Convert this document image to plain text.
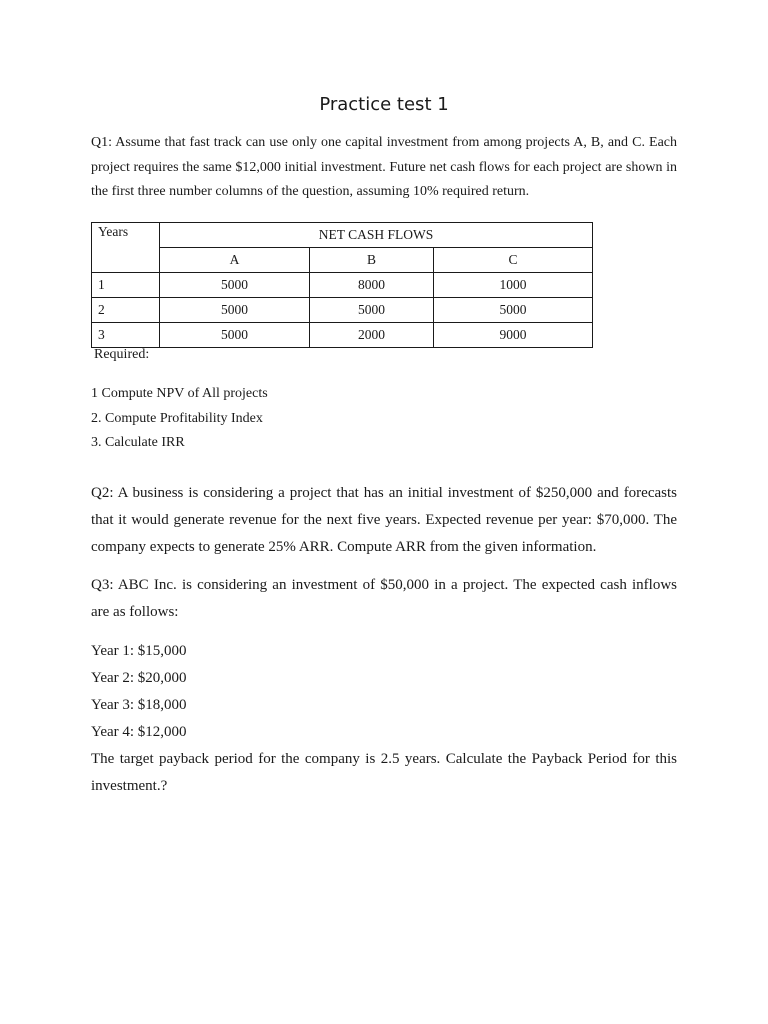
Practice test 1

Q1: Assume that fast track can use only one capital investment from among projects A, B, and C. Each project requires the same $12,000 initial investment. Future net cash flows for each project are shown in the first three number columns of the question, assuming 10% required return.

Years	NET CASH FLOWS		
	A	B	C
1	5000	8000	1000
2	5000	5000	5000
3	5000	2000	9000
Required:
1 Compute NPV of All projects
2. Compute Profitability Index
3. Calculate IRR

Q2: A business is considering a project that has an initial investment of $250,000 and forecasts that it would generate revenue for the next five years. Expected revenue per year: $70,000. The company expects to generate 25% ARR. Compute ARR from the given information.

Q3: ABC Inc. is considering an investment of $50,000 in a project. The expected cash inflows are as follows:

Year 1: $15,000
Year 2: $20,000
Year 3: $18,000
Year 4: $12,000

The target payback period for the company is 2.5 years. Calculate the Payback Period for this investment.?
